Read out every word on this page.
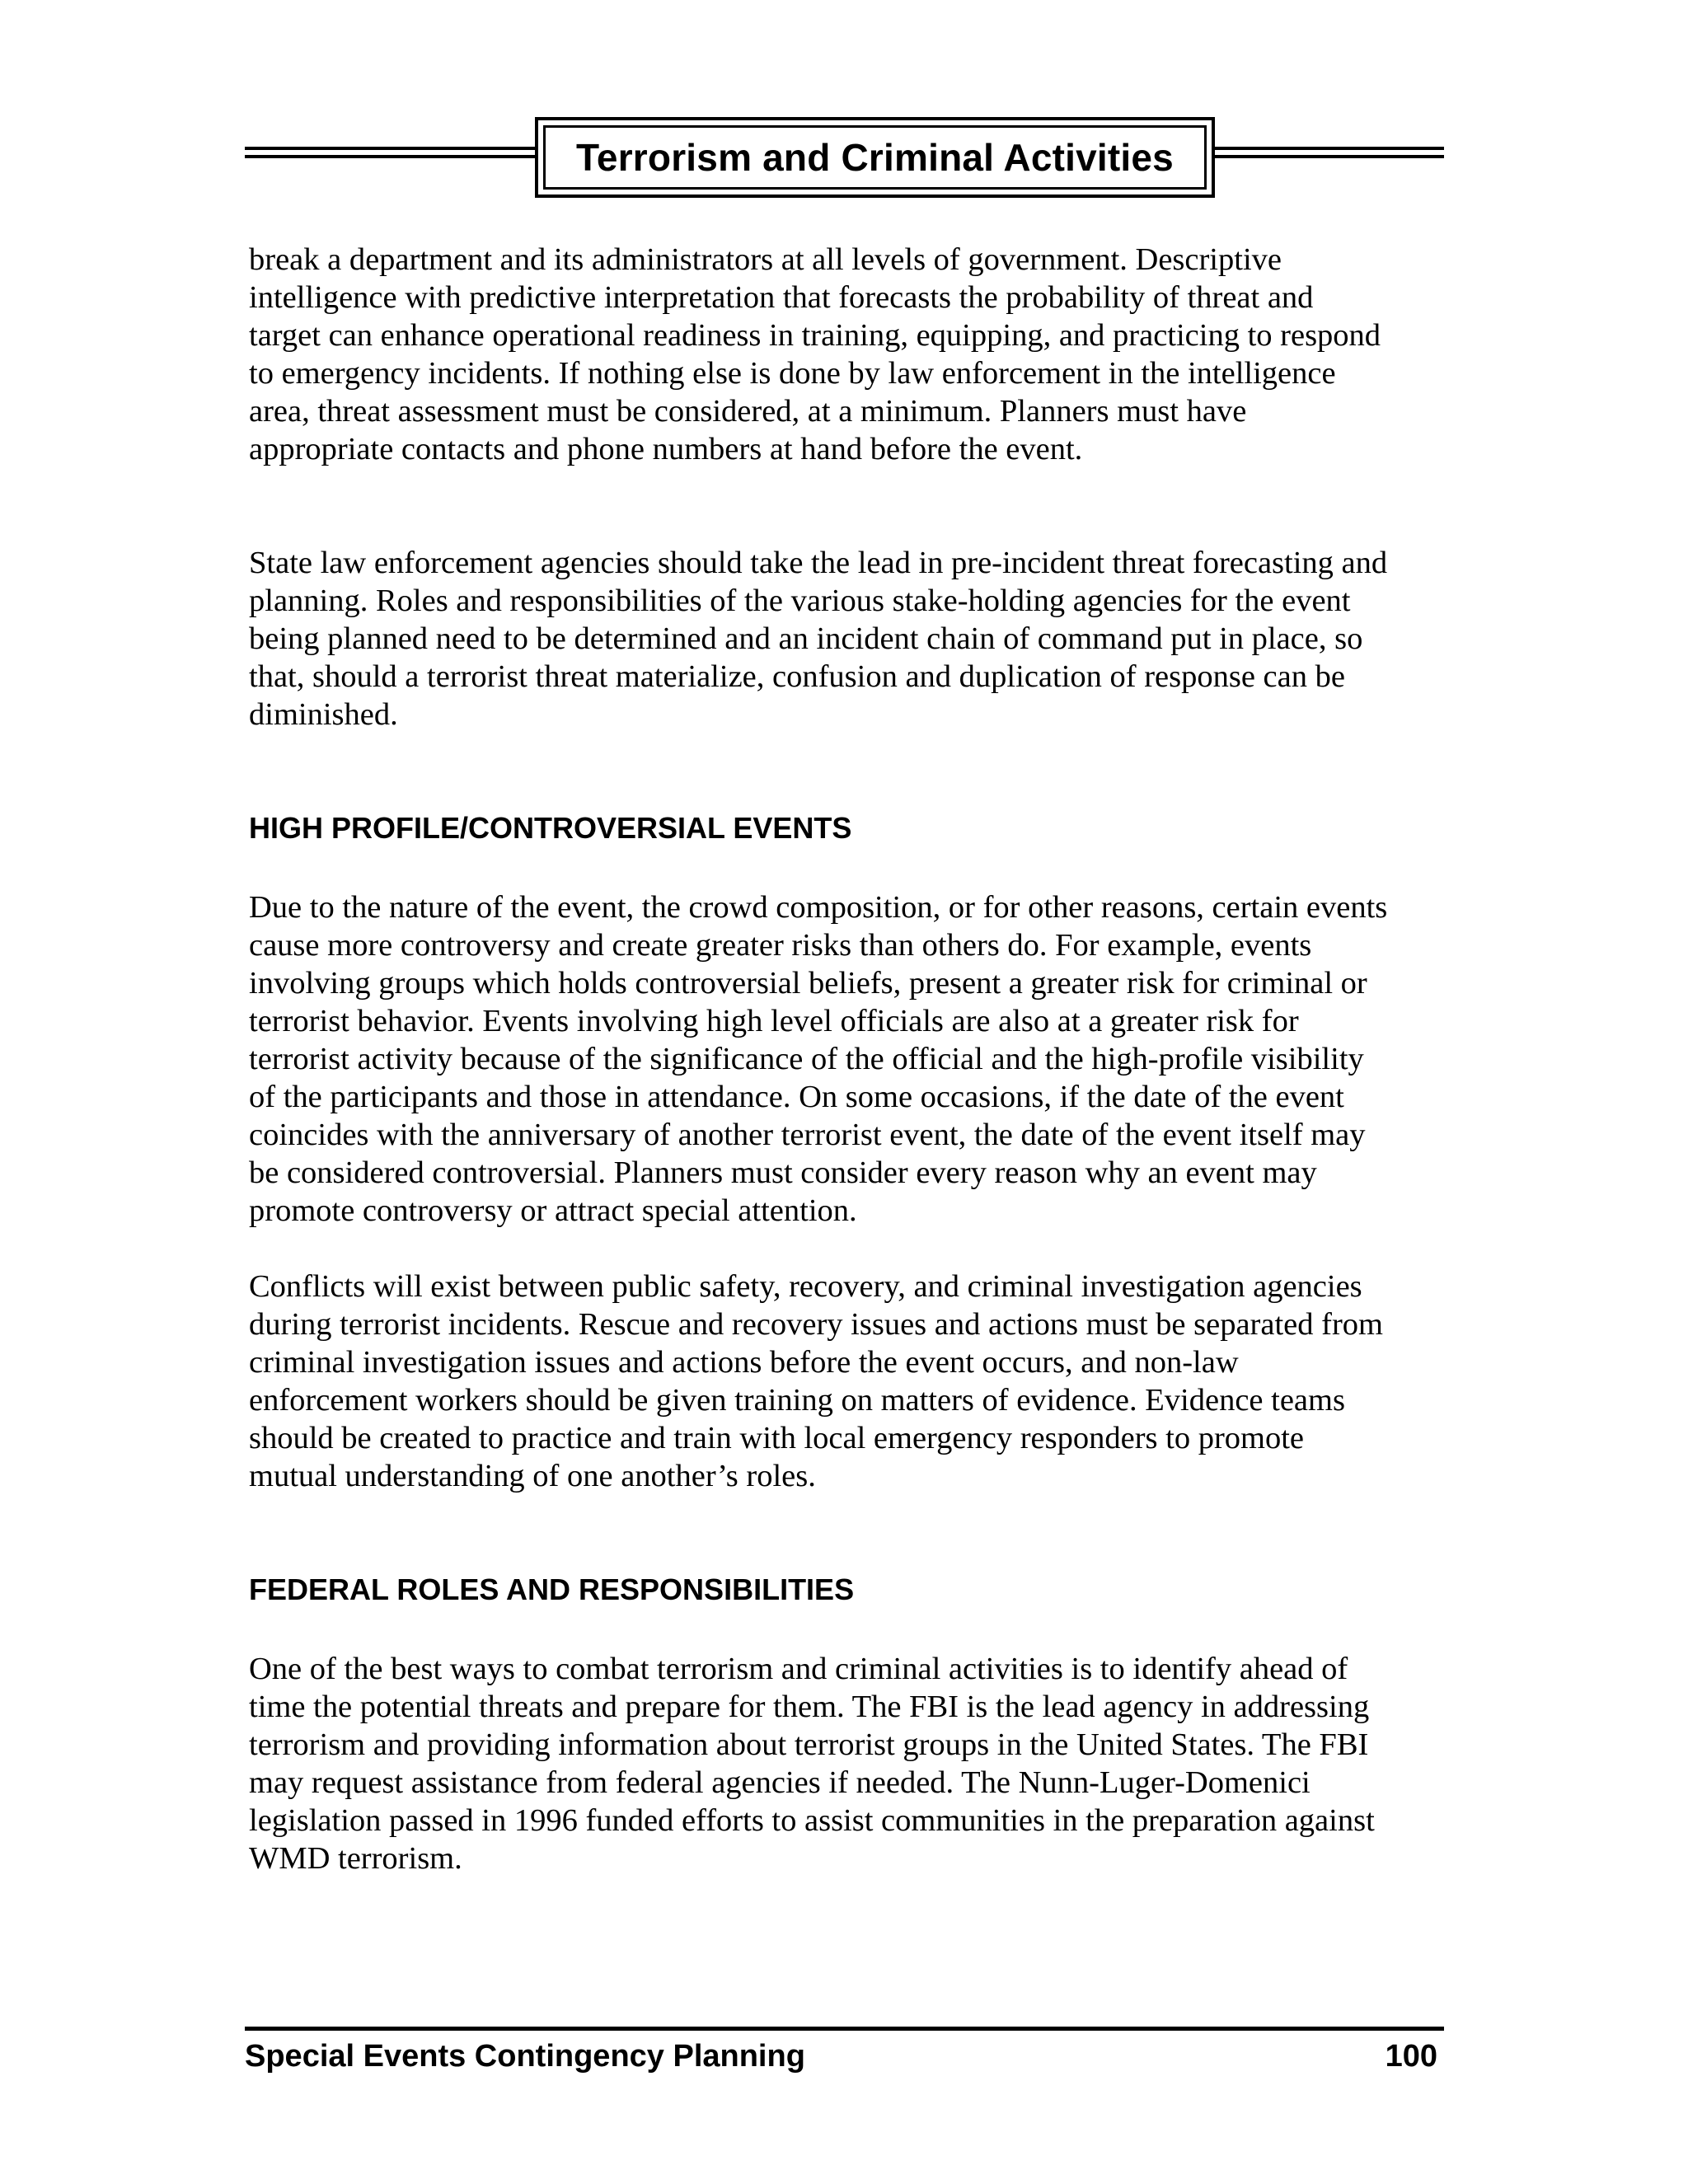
Terrorism and Criminal Activities

break a department and its administrators at all levels of government. Descriptive
intelligence with predictive interpretation that forecasts the probability of threat and
target can enhance operational readiness in training, equipping, and practicing to respond
to emergency incidents. If nothing else is done by law enforcement in the intelligence
area, threat assessment must be considered, at a minimum. Planners must have
appropriate contacts and phone numbers at hand before the event.

State law enforcement agencies should take the lead in pre-incident threat forecasting and
planning. Roles and responsibilities of the various stake-holding agencies for the event
being planned need to be determined and an incident chain of command put in place, so
that, should a terrorist threat materialize, confusion and duplication of response can be
diminished.

HIGH PROFILE/CONTROVERSIAL EVENTS

Due to the nature of the event, the crowd composition, or for other reasons, certain events
cause more controversy and create greater risks than others do. For example, events
involving groups which holds controversial beliefs, present a greater risk for criminal or
terrorist behavior. Events involving high level officials are also at a greater risk for
terrorist activity because of the significance of the official and the high-profile visibility
of the participants and those in attendance. On some occasions, if the date of the event
coincides with the anniversary of another terrorist event, the date of the event itself may
be considered controversial. Planners must consider every reason why an event may
promote controversy or attract special attention.

Conflicts will exist between public safety, recovery, and criminal investigation agencies
during terrorist incidents. Rescue and recovery issues and actions must be separated from
criminal investigation issues and actions before the event occurs, and non-law
enforcement workers should be given training on matters of evidence. Evidence teams
should be created to practice and train with local emergency responders to promote
mutual understanding of one another’s roles.

FEDERAL ROLES AND RESPONSIBILITIES

One of the best ways to combat terrorism and criminal activities is to identify ahead of
time the potential threats and prepare for them. The FBI is the lead agency in addressing
terrorism and providing information about terrorist groups in the United States. The FBI
may request assistance from federal agencies if needed. The Nunn-Luger-Domenici
legislation passed in 1996 funded efforts to assist communities in the preparation against
WMD terrorism.

Special Events Contingency Planning	100
